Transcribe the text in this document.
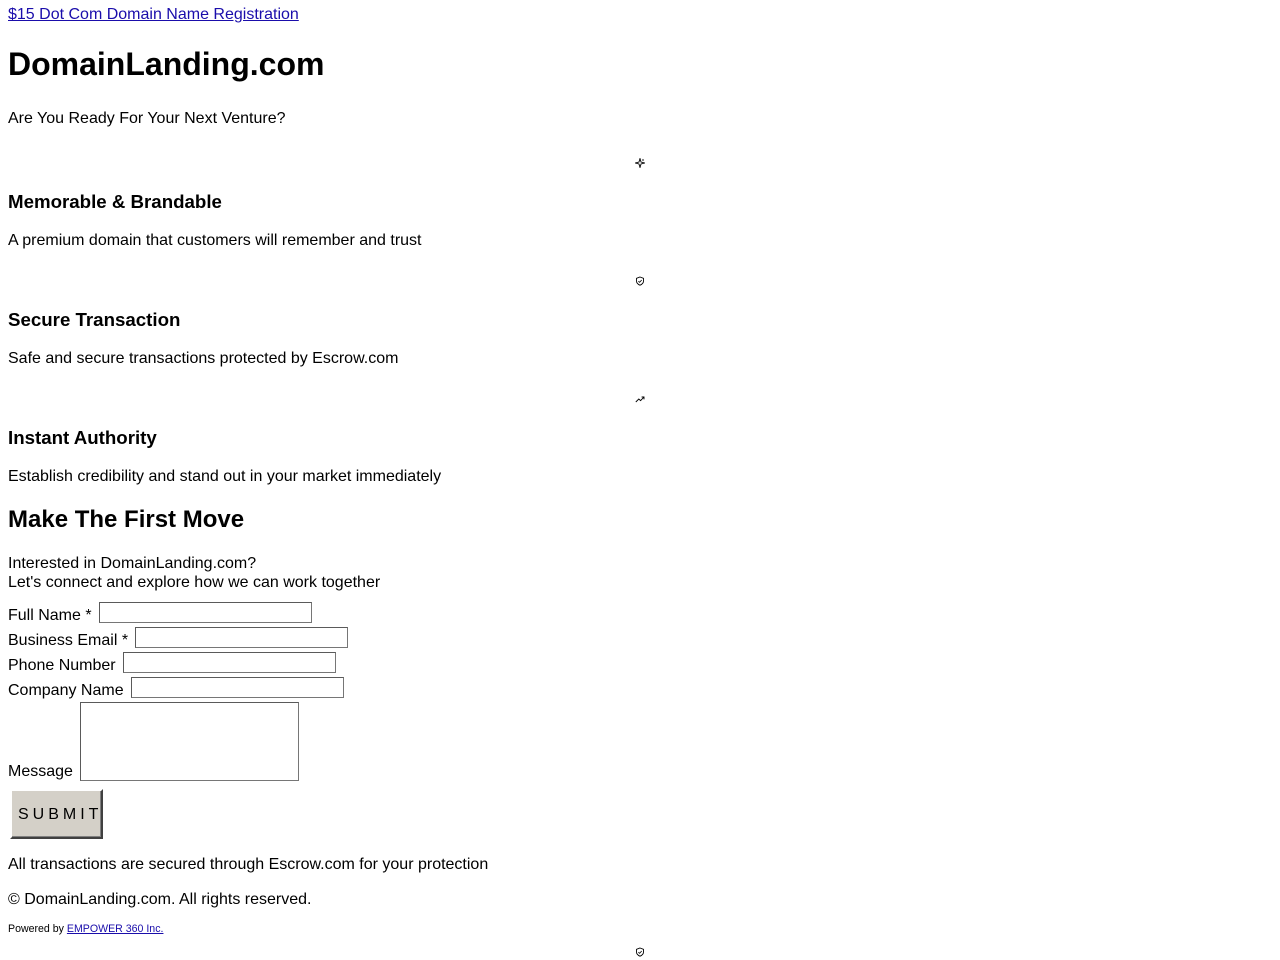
$15 Dot Com Domain Name Registration
DomainLanding.com

Are You Ready For Your Next Venture?

Memorable & Brandable

A premium domain that customers will remember and trust

Secure Transaction

Safe and secure transactions protected by Escrow.com

Instant Authority

Establish credibility and stand out in your market immediately

Make The First Move

Interested in DomainLanding.com?

Let's connect and explore how we can work together

Full Name *
Business Email *
Phone Number
Company Name
Message
SUBMIT

All transactions are secured through Escrow.com for your protection

© DomainLanding.com. All rights reserved.

Powered by EMPOWER 360 Inc.
